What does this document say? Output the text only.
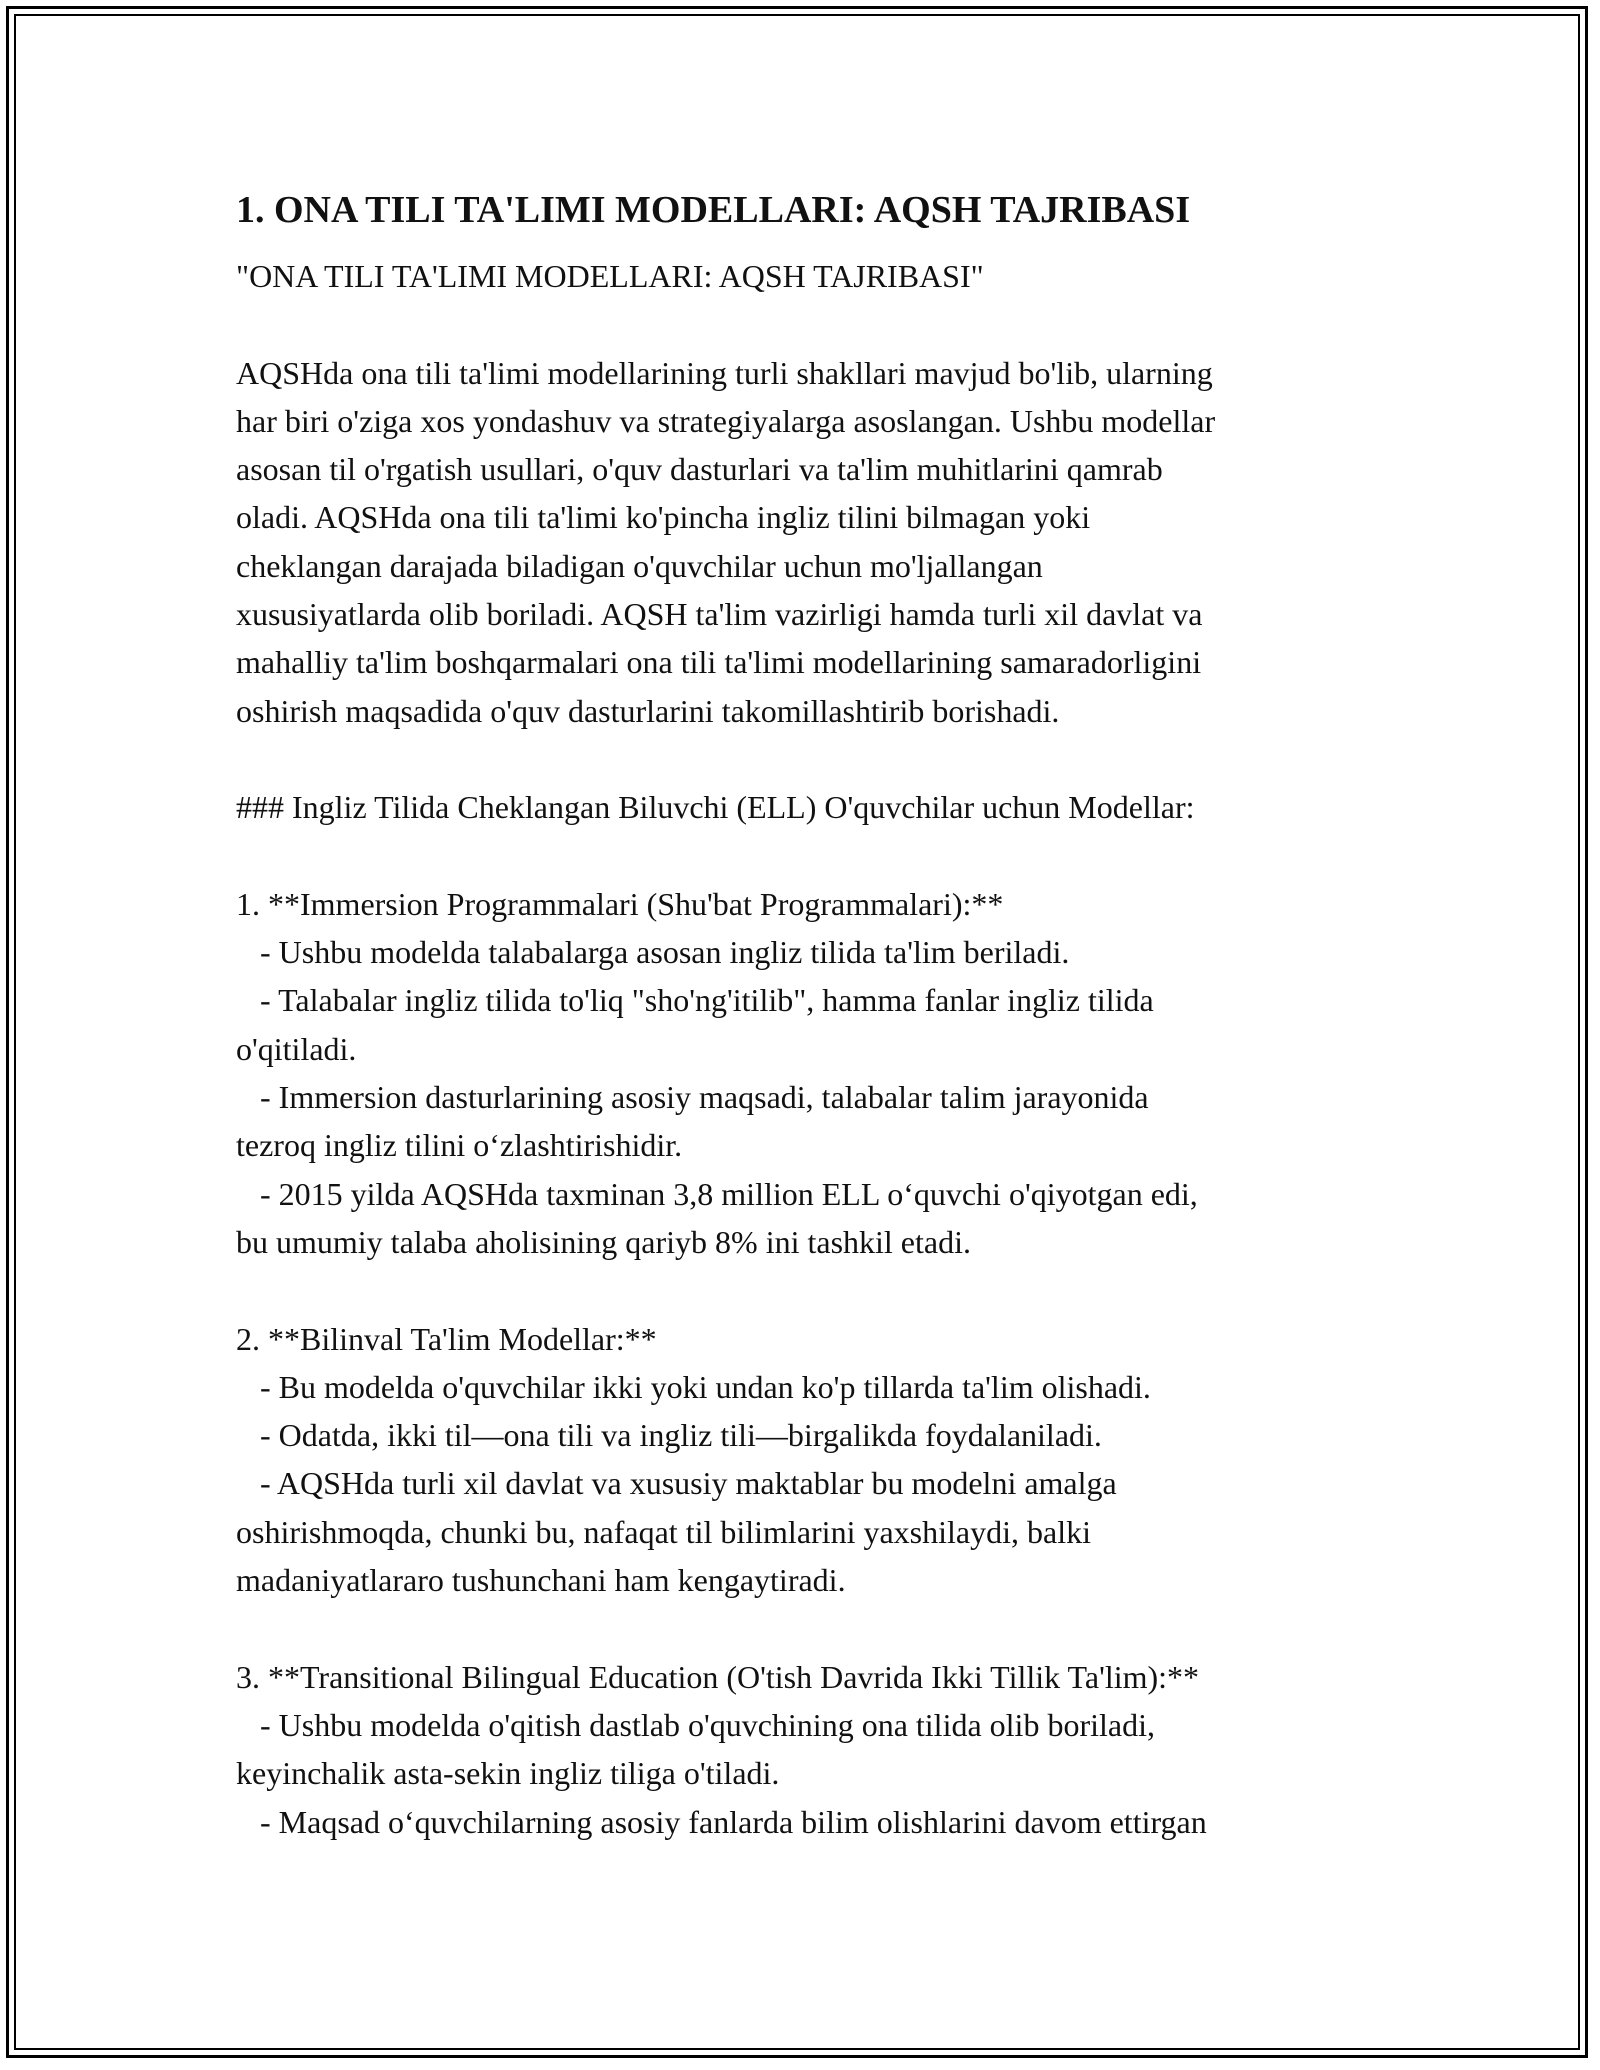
1. ONA TILI TA'LIMI MODELLARI: AQSH TAJRIBASI

"ONA TILI TA'LIMI MODELLARI: AQSH TAJRIBASI"

AQSHda ona tili ta'limi modellarining turli shakllari mavjud bo'lib, ularning
har biri o'ziga xos yondashuv va strategiyalarga asoslangan. Ushbu modellar
asosan til o'rgatish usullari, o'quv dasturlari va ta'lim muhitlarini qamrab
oladi. AQSHda ona tili ta'limi ko'pincha ingliz tilini bilmagan yoki
cheklangan darajada biladigan o'quvchilar uchun mo'ljallangan
xususiyatlarda olib boriladi. AQSH ta'lim vazirligi hamda turli xil davlat va
mahalliy ta'lim boshqarmalari ona tili ta'limi modellarining samaradorligini
oshirish maqsadida o'quv dasturlarini takomillashtirib borishadi.

### Ingliz Tilida Cheklangan Biluvchi (ELL) O'quvchilar uchun Modellar:

1. **Immersion Programmalari (Shu'bat Programmalari):**
- Ushbu modelda talabalarga asosan ingliz tilida ta'lim beriladi.
- Talabalar ingliz tilida to'liq "sho'ng'itilib", hamma fanlar ingliz tilida
o'qitiladi.
- Immersion dasturlarining asosiy maqsadi, talabalar talim jarayonida
tezroq ingliz tilini o‘zlashtirishidir.
- 2015 yilda AQSHda taxminan 3,8 million ELL o‘quvchi o'qiyotgan edi,
bu umumiy talaba aholisining qariyb 8% ini tashkil etadi.

2. **Bilinval Ta'lim Modellar:**
- Bu modelda o'quvchilar ikki yoki undan ko'p tillarda ta'lim olishadi.
- Odatda, ikki til—ona tili va ingliz tili—birgalikda foydalaniladi.
- AQSHda turli xil davlat va xususiy maktablar bu modelni amalga
oshirishmoqda, chunki bu, nafaqat til bilimlarini yaxshilaydi, balki
madaniyatlararo tushunchani ham kengaytiradi.

3. **Transitional Bilingual Education (O'tish Davrida Ikki Tillik Ta'lim):**
- Ushbu modelda o'qitish dastlab o'quvchining ona tilida olib boriladi,
keyinchalik asta-sekin ingliz tiliga o'tiladi.
- Maqsad o‘quvchilarning asosiy fanlarda bilim olishlarini davom ettirgan
